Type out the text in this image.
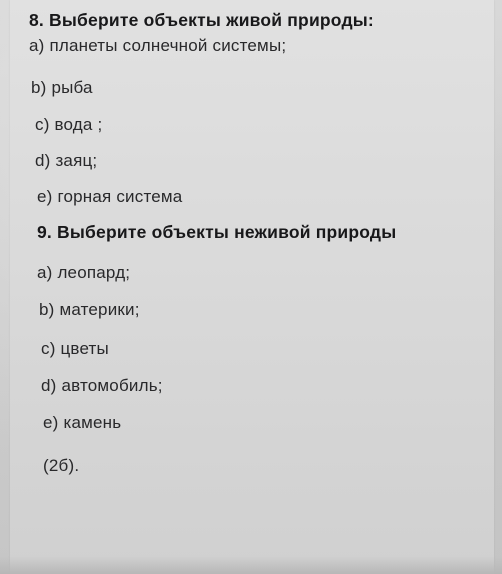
8. Выберите объекты живой природы:
а) планеты солнечной системы;
b) рыба
с) вода ;
d) заяц;
е) горная система
9. Выберите объекты неживой природы
а) леопард;
b) материки;
с) цветы
d) автомобиль;
е) камень
(2б).
